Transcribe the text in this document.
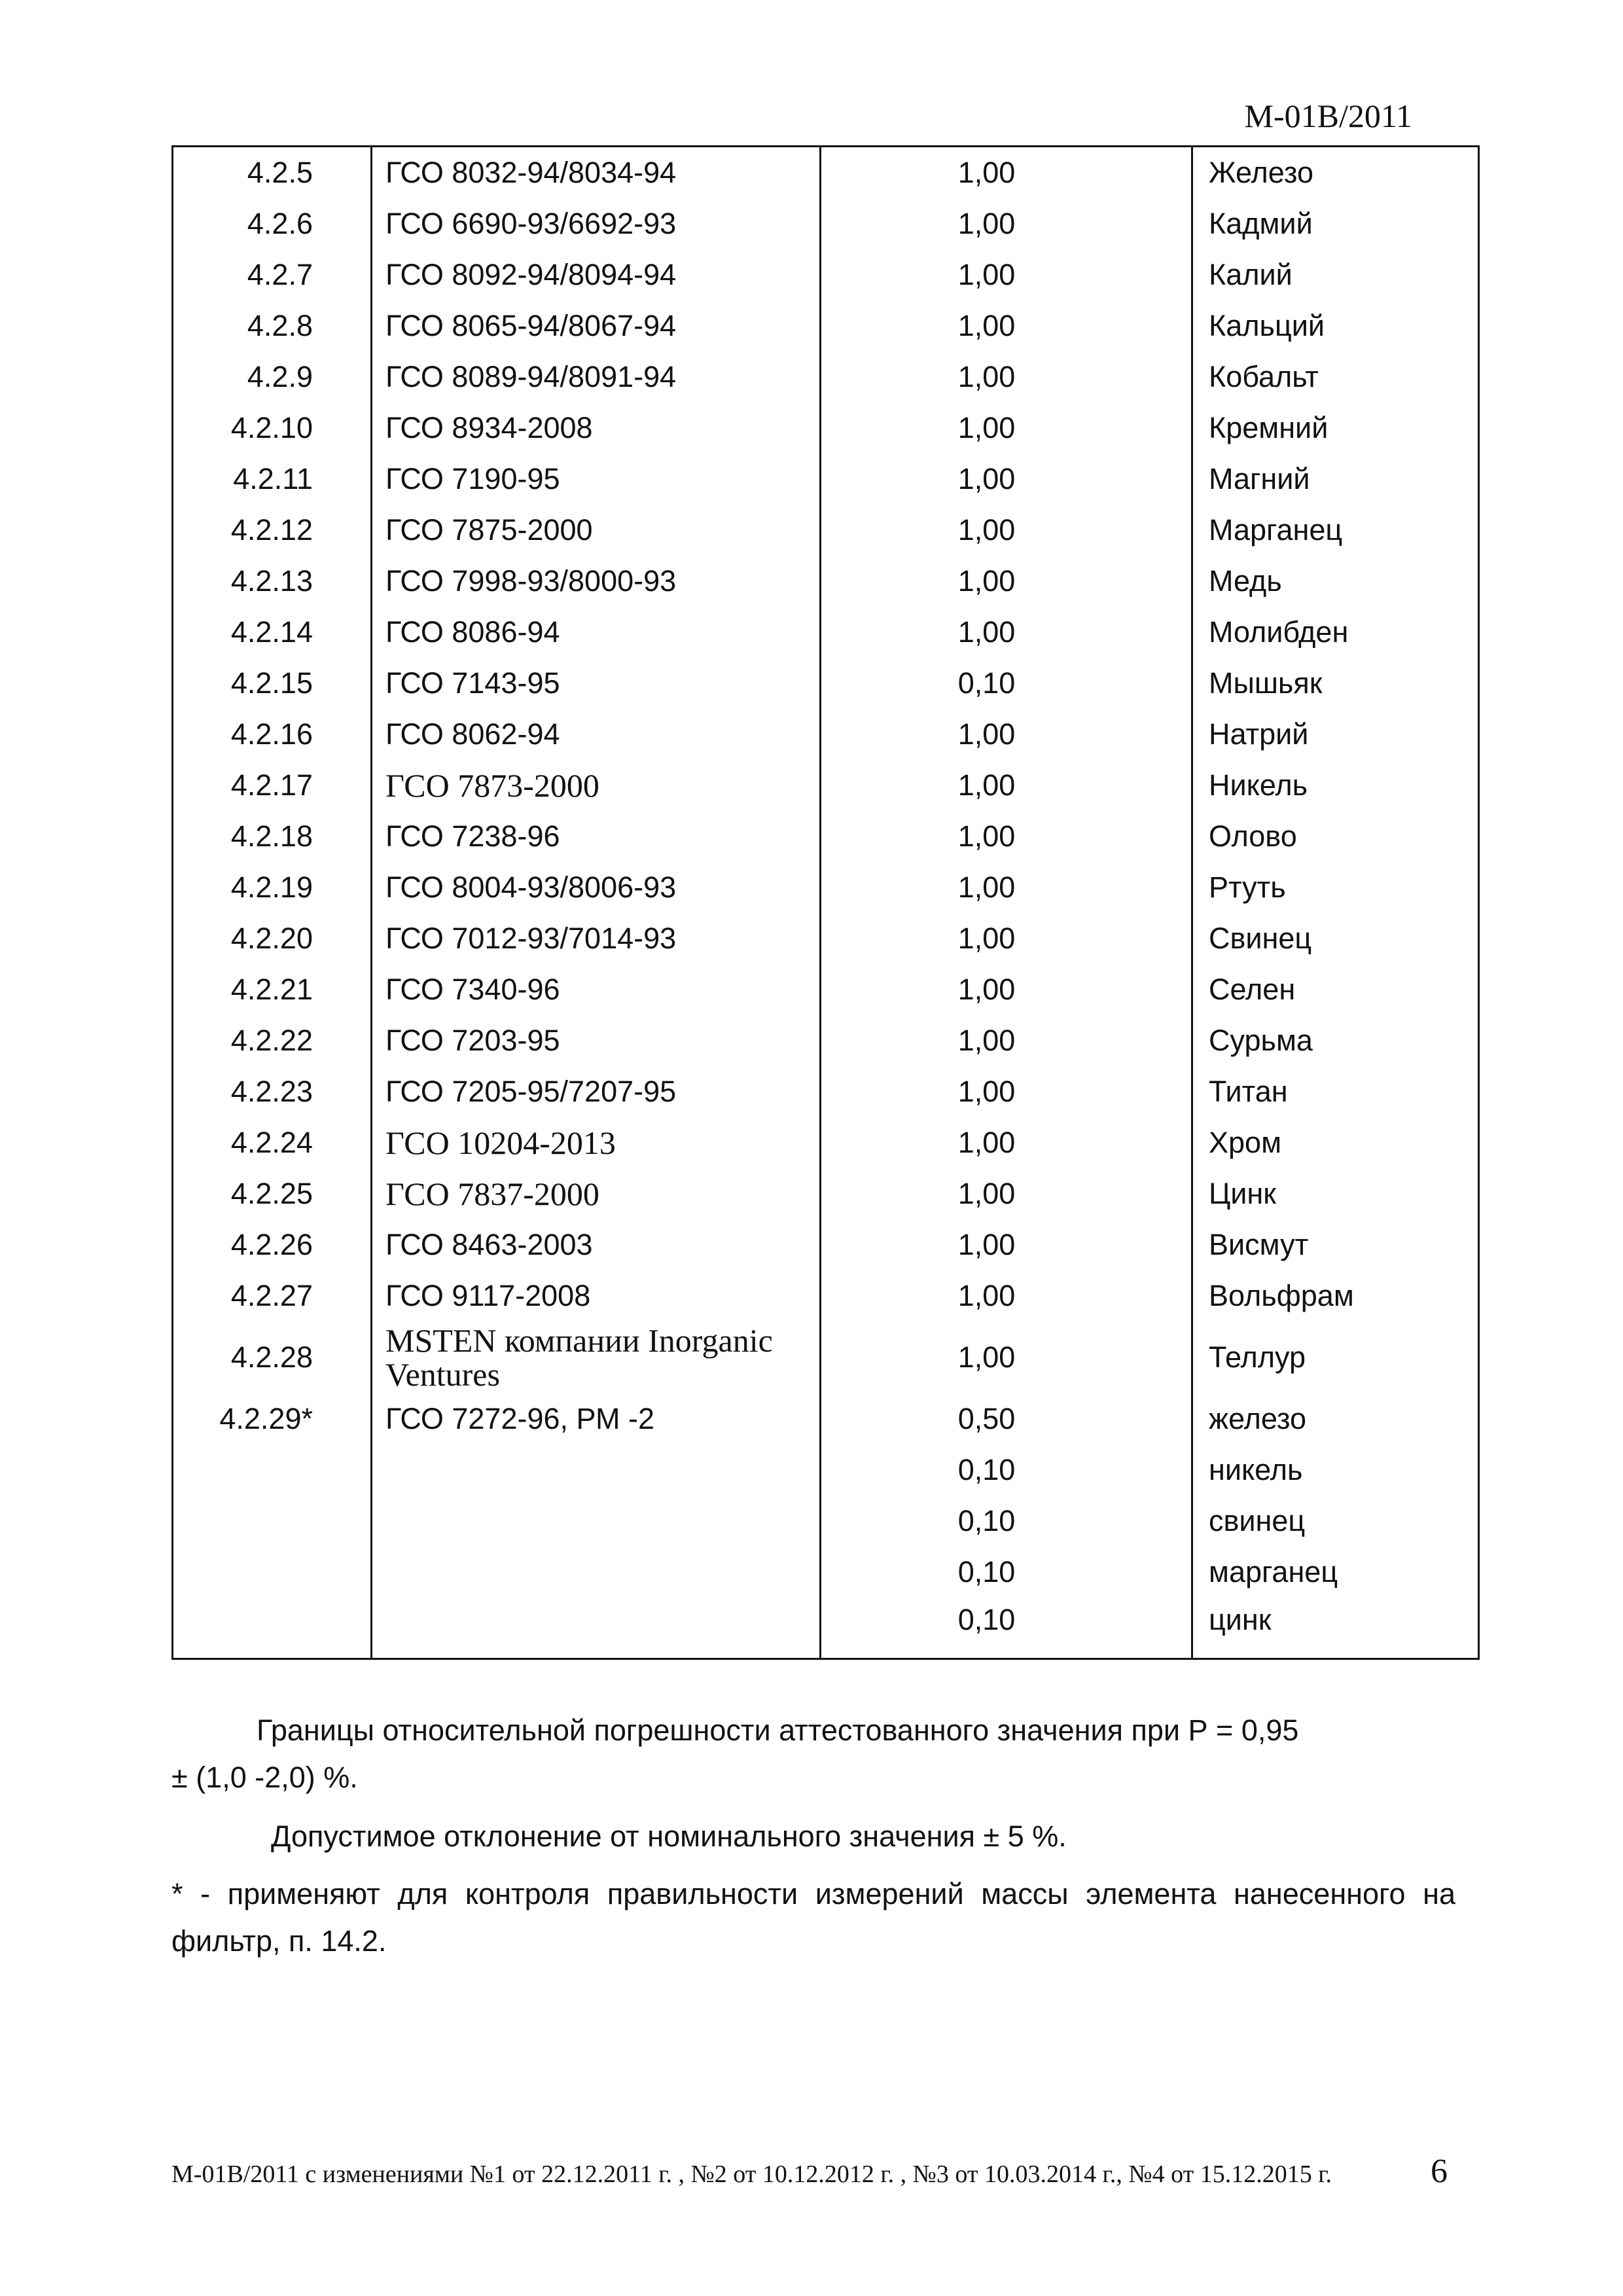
М-01В/2011
4.2.5	ГСО 8032-94/8034-94	1,00	Железо
4.2.6	ГСО 6690-93/6692-93	1,00	Кадмий
4.2.7	ГСО 8092-94/8094-94	1,00	Калий
4.2.8	ГСО 8065-94/8067-94	1,00	Кальций
4.2.9	ГСО 8089-94/8091-94	1,00	Кобальт
4.2.10	ГСО 8934-2008	1,00	Кремний
4.2.11	ГСО 7190-95	1,00	Магний
4.2.12	ГСО 7875-2000	1,00	Марганец
4.2.13	ГСО 7998-93/8000-93	1,00	Медь
4.2.14	ГСО 8086-94	1,00	Молибден
4.2.15	ГСО 7143-95	0,10	Мышьяк
4.2.16	ГСО 8062-94	1,00	Натрий
4.2.17	ГСО 7873-2000	1,00	Никель
4.2.18	ГСО 7238-96	1,00	Олово
4.2.19	ГСО 8004-93/8006-93	1,00	Ртуть
4.2.20	ГСО 7012-93/7014-93	1,00	Свинец
4.2.21	ГСО 7340-96	1,00	Селен
4.2.22	ГСО 7203-95	1,00	Сурьма
4.2.23	ГСО 7205-95/7207-95	1,00	Титан
4.2.24	ГСО 10204-2013	1,00	Хром
4.2.25	ГСО 7837-2000	1,00	Цинк
4.2.26	ГСО 8463-2003	1,00	Висмут
4.2.27	ГСО 9117-2008	1,00	Вольфрам
4.2.28	MSTEN компании Inorganic Ventures	1,00	Теллур
4.2.29*	ГСО 7272-96, РМ -2	0,50	железо
		0,10	никель
		0,10	свинец
		0,10	марганец
		0,10	цинк
Границы относительной погрешности аттестованного значения при Р = 0,95
± (1,0 -2,0) %.
Допустимое отклонение от номинального значения ± 5 %.
* - применяют для контроля правильности измерений массы элемента нанесенного на
фильтр, п. 14.2.
М-01В/2011 с изменениями №1 от 22.12.2011 г. , №2 от 10.12.2012 г. , №3 от 10.03.2014 г., №4 от 15.12.2015 г.	6
